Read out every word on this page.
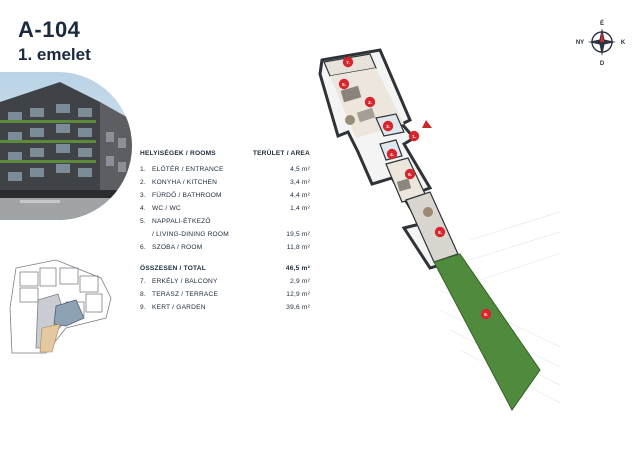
A-104
1. emelet
HELYISÉGEK / ROOMS	TERÜLET / AREA
1. ELŐTÉR / ENTRANCE	4,5 m²
2. KONYHA / KITCHEN	3,4 m²
3. FÜRDŐ / BATHROOM	4,4 m²
4. WC / WC	1,4 m²
5. NAPPALI-ÉTKEZŐ
/ LIVING-DINING ROOM	19,5 m²
6. SZOBA / ROOM	11,8 m²
ÖSSZESEN / TOTAL	46,5 m²
7. ERKÉLY / BALCONY	2,9 m²
8. TERASZ / TERRACE	12,9 m²
9. KERT / GARDEN	39,6 m²
1.
2.
3.
4.
5.
6.
7.
8.
9.
É
NY	K
D
